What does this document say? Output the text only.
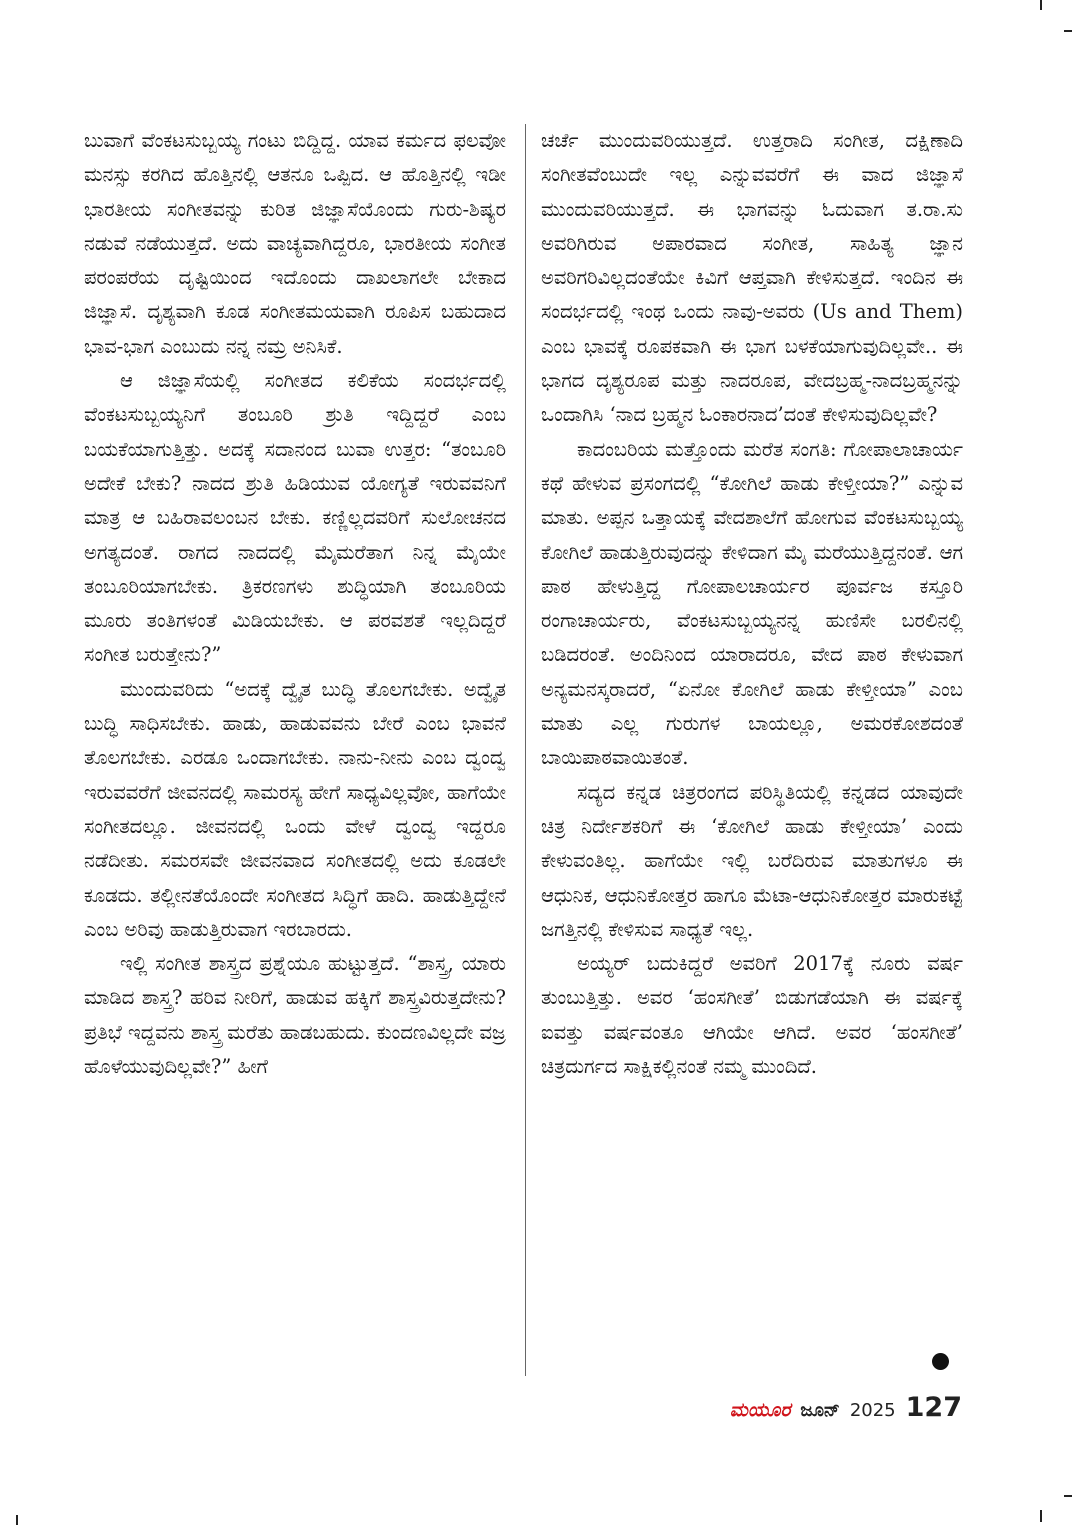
ಬುವಾಗೆ ವೆಂಕಟಸುಬ್ಬಯ್ಯ ಗಂಟು ಬಿದ್ದಿದ್ದ. ಯಾವ ಕರ್ಮದ ಫಲವೋ ಮನಸ್ಸು ಕರಗಿದ ಹೊತ್ತಿನಲ್ಲಿ ಆತನೂ ಒಪ್ಪಿದ. ಆ ಹೊತ್ತಿನಲ್ಲಿ ಇಡೀ ಭಾರತೀಯ ಸಂಗೀತವನ್ನು ಕುರಿತ ಜಿಜ್ಞಾಸೆಯೊಂದು ಗುರು-ಶಿಷ್ಯರ ನಡುವೆ ನಡೆಯುತ್ತದೆ. ಅದು ವಾಚ್ಯವಾಗಿದ್ದರೂ, ಭಾರತೀಯ ಸಂಗೀತ ಪರಂಪರೆಯ ದೃಷ್ಟಿಯಿಂದ ಇದೊಂದು ದಾಖಲಾಗಲೇ ಬೇಕಾದ ಜಿಜ್ಞಾಸೆ. ದೃಶ್ಯವಾಗಿ ಕೂಡ ಸಂಗೀತಮಯವಾಗಿ ರೂಪಿಸ ಬಹುದಾದ ಭಾವ-ಭಾಗ ಎಂಬುದು ನನ್ನ ನಮ್ರ ಅನಿಸಿಕೆ.

ಆ ಜಿಜ್ಞಾಸೆಯಲ್ಲಿ ಸಂಗೀತದ ಕಲಿಕೆಯ ಸಂದರ್ಭದಲ್ಲಿ ವೆಂಕಟಸುಬ್ಬಯ್ಯನಿಗೆ ತಂಬೂರಿ ಶ್ರುತಿ ಇದ್ದಿದ್ದರೆ ಎಂಬ ಬಯಕೆಯಾಗುತ್ತಿತ್ತು. ಅದಕ್ಕೆ ಸದಾನಂದ ಬುವಾ ಉತ್ತರ: “ತಂಬೂರಿ ಅದೇಕೆ ಬೇಕು? ನಾದದ ಶ್ರುತಿ ಹಿಡಿಯುವ ಯೋಗ್ಯತೆ ಇರುವವನಿಗೆ ಮಾತ್ರ ಆ ಬಹಿರಾವಲಂಬನ ಬೇಕು. ಕಣ್ಣಿಲ್ಲದವರಿಗೆ ಸುಲೋಚನದ ಅಗತ್ಯದಂತೆ. ರಾಗದ ನಾದದಲ್ಲಿ ಮೈಮರೆತಾಗ ನಿನ್ನ ಮೈಯೇ ತಂಬೂರಿಯಾಗಬೇಕು. ತ್ರಿಕರಣಗಳು ಶುದ್ಧಿಯಾಗಿ ತಂಬೂರಿಯ ಮೂರು ತಂತಿಗಳಂತೆ ಮಿಡಿಯಬೇಕು. ಆ ಪರವಶತೆ ಇಲ್ಲದಿದ್ದರೆ ಸಂಗೀತ ಬರುತ್ತೇನು?”

ಮುಂದುವರಿದು “ಅದಕ್ಕೆ ದ್ವೈತ ಬುದ್ಧಿ ತೊಲಗಬೇಕು. ಅದ್ವೈತ ಬುದ್ಧಿ ಸಾಧಿಸಬೇಕು. ಹಾಡು, ಹಾಡುವವನು ಬೇರೆ ಎಂಬ ಭಾವನೆ ತೊಲಗಬೇಕು. ಎರಡೂ ಒಂದಾಗಬೇಕು. ನಾನು-ನೀನು ಎಂಬ ದ್ವಂದ್ವ ಇರುವವರೆಗೆ ಜೀವನದಲ್ಲಿ ಸಾಮರಸ್ಯ ಹೇಗೆ ಸಾಧ್ಯವಿಲ್ಲವೋ, ಹಾಗೆಯೇ ಸಂಗೀತದಲ್ಲೂ. ಜೀವನದಲ್ಲಿ ಒಂದು ವೇಳೆ ದ್ವಂದ್ವ ಇದ್ದರೂ ನಡೆದೀತು. ಸಮರಸವೇ ಜೀವನವಾದ ಸಂಗೀತದಲ್ಲಿ ಅದು ಕೂಡಲೇ ಕೂಡದು. ತಲ್ಲೀನತೆಯೊಂದೇ ಸಂಗೀತದ ಸಿದ್ಧಿಗೆ ಹಾದಿ. ಹಾಡುತ್ತಿದ್ದೇನೆ ಎಂಬ ಅರಿವು ಹಾಡುತ್ತಿರುವಾಗ ಇರಬಾರದು.

ಇಲ್ಲಿ ಸಂಗೀತ ಶಾಸ್ತ್ರದ ಪ್ರಶ್ನೆಯೂ ಹುಟ್ಟುತ್ತದೆ. “ಶಾಸ್ತ್ರ, ಯಾರು ಮಾಡಿದ ಶಾಸ್ತ್ರ? ಹರಿವ ನೀರಿಗೆ, ಹಾಡುವ ಹಕ್ಕಿಗೆ ಶಾಸ್ತ್ರವಿರುತ್ತದೇನು? ಪ್ರತಿಭೆ ಇದ್ದವನು ಶಾಸ್ತ್ರ ಮರೆತು ಹಾಡಬಹುದು. ಕುಂದಣವಿಲ್ಲದೇ ವಜ್ರ ಹೊಳೆಯುವುದಿಲ್ಲವೇ?” ಹೀಗೆ

ಚರ್ಚೆ ಮುಂದುವರಿಯುತ್ತದೆ. ಉತ್ತರಾದಿ ಸಂಗೀತ, ದಕ್ಷಿಣಾದಿ ಸಂಗೀತವೆಂಬುದೇ ಇಲ್ಲ ಎನ್ನುವವರೆಗೆ ಈ ವಾದ ಜಿಜ್ಞಾಸೆ ಮುಂದುವರಿಯುತ್ತದೆ. ಈ ಭಾಗವನ್ನು ಓದುವಾಗ ತ.ರಾ.ಸು ಅವರಿಗಿರುವ ಅಪಾರವಾದ ಸಂಗೀತ, ಸಾಹಿತ್ಯ ಜ್ಞಾನ ಅವರಿಗರಿವಿಲ್ಲದಂತೆಯೇ ಕಿವಿಗೆ ಆಪ್ತವಾಗಿ ಕೇಳಿಸುತ್ತದೆ. ಇಂದಿನ ಈ ಸಂದರ್ಭದಲ್ಲಿ ಇಂಥ ಒಂದು ನಾವು-ಅವರು (Us and Them) ಎಂಬ ಭಾವಕ್ಕೆ ರೂಪಕವಾಗಿ ಈ ಭಾಗ ಬಳಕೆಯಾಗುವುದಿಲ್ಲವೇ.. ಈ ಭಾಗದ ದೃಶ್ಯರೂಪ ಮತ್ತು ನಾದರೂಪ, ವೇದಬ್ರಹ್ಮ-ನಾದಬ್ರಹ್ಮನನ್ನು ಒಂದಾಗಿಸಿ ‘ನಾದ ಬ್ರಹ್ಮನ ಓಂಕಾರನಾದ’ದಂತೆ ಕೇಳಿಸುವುದಿಲ್ಲವೇ?

ಕಾದಂಬರಿಯ ಮತ್ತೊಂದು ಮರೆತ ಸಂಗತಿ: ಗೋಪಾಲಾಚಾರ್ಯ ಕಥೆ ಹೇಳುವ ಪ್ರಸಂಗದಲ್ಲಿ “ಕೋಗಿಲೆ ಹಾಡು ಕೇಳ್ತೀಯಾ?” ಎನ್ನುವ ಮಾತು. ಅಪ್ಪನ ಒತ್ತಾಯಕ್ಕೆ ವೇದಶಾಲೆಗೆ ಹೋಗುವ ವೆಂಕಟಸುಬ್ಬಯ್ಯ ಕೋಗಿಲೆ ಹಾಡುತ್ತಿರುವುದನ್ನು ಕೇಳಿದಾಗ ಮೈ ಮರೆಯುತ್ತಿದ್ದನಂತೆ. ಆಗ ಪಾಠ ಹೇಳುತ್ತಿದ್ದ ಗೋಪಾಲಚಾರ್ಯರ ಪೂರ್ವಜ ಕಸ್ತೂರಿ ರಂಗಾಚಾರ್ಯರು, ವೆಂಕಟಸುಬ್ಬಯ್ಯನನ್ನ ಹುಣಿಸೇ ಬರಲಿನಲ್ಲಿ ಬಡಿದರಂತೆ. ಅಂದಿನಿಂದ ಯಾರಾದರೂ, ವೇದ ಪಾಠ ಕೇಳುವಾಗ ಅನ್ಯಮನಸ್ಕರಾದರೆ, “ಏನೋ ಕೋಗಿಲೆ ಹಾಡು ಕೇಳ್ತೀಯಾ” ಎಂಬ ಮಾತು ಎಲ್ಲ ಗುರುಗಳ ಬಾಯಲ್ಲೂ, ಅಮರಕೋಶದಂತೆ ಬಾಯಿಪಾಠವಾಯಿತಂತೆ.

ಸದ್ಯದ ಕನ್ನಡ ಚಿತ್ರರಂಗದ ಪರಿಸ್ಥಿತಿಯಲ್ಲಿ ಕನ್ನಡದ ಯಾವುದೇ ಚಿತ್ರ ನಿರ್ದೇಶಕರಿಗೆ ಈ ‘ಕೋಗಿಲೆ ಹಾಡು ಕೇಳ್ತೀಯಾ’ ಎಂದು ಕೇಳುವಂತಿಲ್ಲ. ಹಾಗೆಯೇ ಇಲ್ಲಿ ಬರೆದಿರುವ ಮಾತುಗಳೂ ಈ ಆಧುನಿಕ, ಆಧುನಿಕೋತ್ತರ ಹಾಗೂ ಮೆಟಾ-ಆಧುನಿಕೋತ್ತರ ಮಾರುಕಟ್ಟೆ ಜಗತ್ತಿನಲ್ಲಿ ಕೇಳಿಸುವ ಸಾಧ್ಯತೆ ಇಲ್ಲ.

ಅಯ್ಯರ್ ಬದುಕಿದ್ದರೆ ಅವರಿಗೆ 2017ಕ್ಕೆ ನೂರು ವರ್ಷ ತುಂಬುತ್ತಿತ್ತು. ಅವರ ‘ಹಂಸಗೀತೆ’ ಬಿಡುಗಡೆಯಾಗಿ ಈ ವರ್ಷಕ್ಕೆ ಐವತ್ತು ವರ್ಷವಂತೂ ಆಗಿಯೇ ಆಗಿದೆ. ಅವರ ‘ಹಂಸಗೀತೆ’ ಚಿತ್ರದುರ್ಗದ ಸಾಕ್ಷಿಕಲ್ಲಿನಂತೆ ನಮ್ಮ ಮುಂದಿದೆ.

ಮಯೂರ ಜೂನ್ 2025 127
